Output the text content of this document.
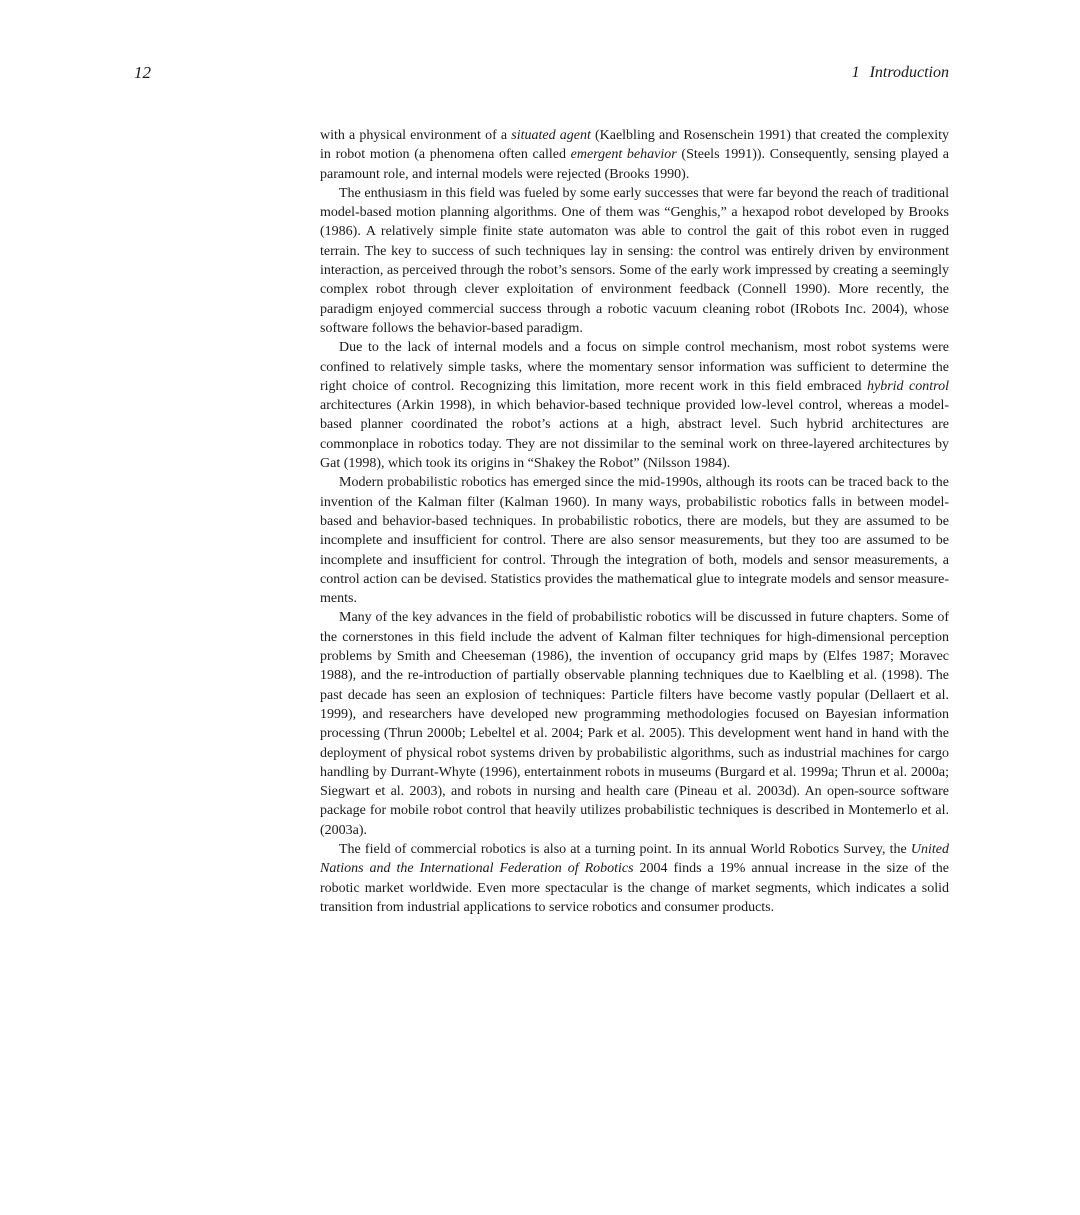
12	1 Introduction

with a physical environment of a situated agent (Kaelbling and Rosenschein 1991) that created the complexity in robot motion (a phenomena often called emergent behavior (Steels 1991)). Consequently, sensing played a paramount role, and internal models were rejected (Brooks 1990).

The enthusiasm in this field was fueled by some early successes that were far beyond the reach of traditional model-based motion planning algorithms. One of them was “Genghis,” a hexapod robot developed by Brooks (1986). A relatively simple finite state automaton was able to control the gait of this robot even in rugged terrain. The key to success of such techniques lay in sensing: the control was entirely driven by environment interaction, as perceived through the robot’s sensors. Some of the early work impressed by creating a seemingly complex robot through clever exploitation of environment feedback (Connell 1990). More recently, the paradigm enjoyed commercial success through a robotic vacuum cleaning robot (IRobots Inc. 2004), whose software follows the behavior-based paradigm.

Due to the lack of internal models and a focus on simple control mechanism, most robot systems were confined to relatively simple tasks, where the momentary sensor information was sufficient to determine the right choice of control. Recognizing this limitation, more recent work in this field embraced hybrid control architectures (Arkin 1998), in which behavior-based technique provided low-level control, whereas a model-based planner coordinated the robot’s actions at a high, abstract level. Such hybrid architectures are commonplace in robotics today. They are not dissimilar to the seminal work on three-layered architectures by Gat (1998), which took its origins in “Shakey the Robot” (Nilsson 1984).

Modern probabilistic robotics has emerged since the mid-1990s, although its roots can be traced back to the invention of the Kalman filter (Kalman 1960). In many ways, probabilistic robotics falls in between model-based and behavior-based techniques. In probabilistic robotics, there are models, but they are assumed to be incomplete and insufficient for control. There are also sensor measurements, but they too are assumed to be incomplete and insufficient for control. Through the integration of both, models and sensor measurements, a control action can be devised. Statistics provides the mathematical glue to integrate models and sensor measurements.

Many of the key advances in the field of probabilistic robotics will be discussed in future chapters. Some of the cornerstones in this field include the advent of Kalman filter techniques for high-dimensional perception problems by Smith and Cheeseman (1986), the invention of occupancy grid maps by (Elfes 1987; Moravec 1988), and the re-introduction of partially observable planning techniques due to Kaelbling et al. (1998). The past decade has seen an explosion of techniques: Particle filters have become vastly popular (Dellaert et al. 1999), and researchers have developed new programming methodologies focused on Bayesian information processing (Thrun 2000b; Lebeltel et al. 2004; Park et al. 2005). This development went hand in hand with the deployment of physical robot systems driven by probabilistic algorithms, such as industrial machines for cargo handling by Durrant-Whyte (1996), entertainment robots in museums (Burgard et al. 1999a; Thrun et al. 2000a; Siegwart et al. 2003), and robots in nursing and health care (Pineau et al. 2003d). An open-source software package for mobile robot control that heavily utilizes probabilistic techniques is described in Montemerlo et al. (2003a).

The field of commercial robotics is also at a turning point. In its annual World Robotics Survey, the United Nations and the International Federation of Robotics 2004 finds a 19% annual increase in the size of the robotic market worldwide. Even more spectacular is the change of market segments, which indicates a solid transition from industrial applications to service robotics and consumer products.
